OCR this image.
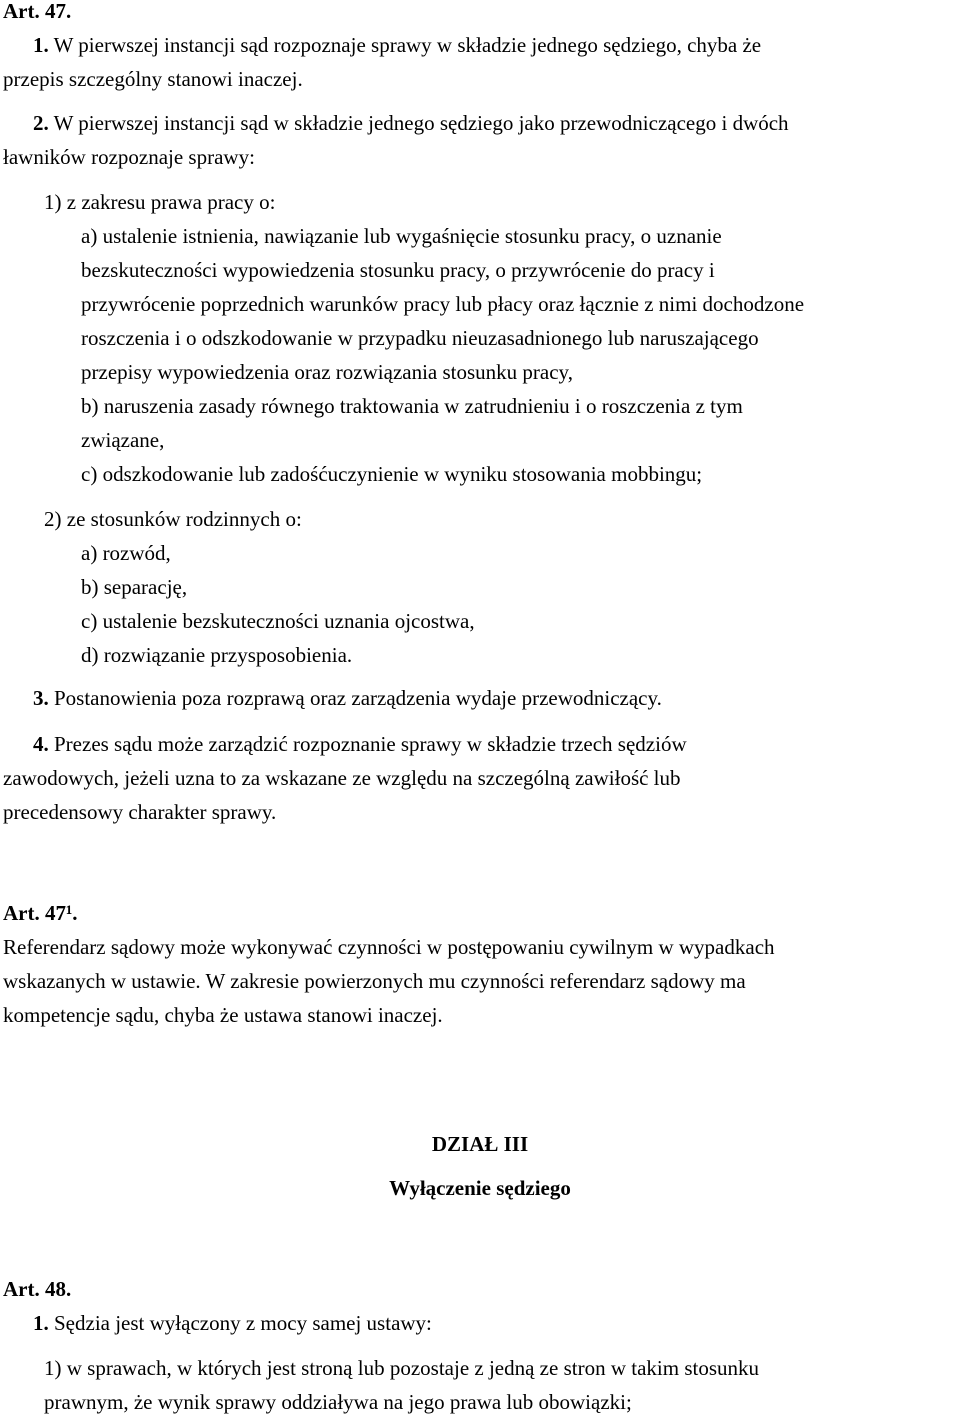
Art. 47.
1. W pierwszej instancji sąd rozpoznaje sprawy w składzie jednego sędziego, chyba że
przepis szczególny stanowi inaczej.
2. W pierwszej instancji sąd w składzie jednego sędziego jako przewodniczącego i dwóch
ławników rozpoznaje sprawy:
1) z zakresu prawa pracy o:
a) ustalenie istnienia, nawiązanie lub wygaśnięcie stosunku pracy, o uznanie
bezskuteczności wypowiedzenia stosunku pracy, o przywrócenie do pracy i
przywrócenie poprzednich warunków pracy lub płacy oraz łącznie z nimi dochodzone
roszczenia i o odszkodowanie w przypadku nieuzasadnionego lub naruszającego
przepisy wypowiedzenia oraz rozwiązania stosunku pracy,
b) naruszenia zasady równego traktowania w zatrudnieniu i o roszczenia z tym
związane,
c) odszkodowanie lub zadośćuczynienie w wyniku stosowania mobbingu;
2) ze stosunków rodzinnych o:
a) rozwód,
b) separację,
c) ustalenie bezskuteczności uznania ojcostwa,
d) rozwiązanie przysposobienia.
3. Postanowienia poza rozprawą oraz zarządzenia wydaje przewodniczący.
4. Prezes sądu może zarządzić rozpoznanie sprawy w składzie trzech sędziów
zawodowych, jeżeli uzna to za wskazane ze względu na szczególną zawiłość lub
precedensowy charakter sprawy.
Art. 47¹.
Referendarz sądowy może wykonywać czynności w postępowaniu cywilnym w wypadkach
wskazanych w ustawie. W zakresie powierzonych mu czynności referendarz sądowy ma
kompetencje sądu, chyba że ustawa stanowi inaczej.
DZIAŁ III
Wyłączenie sędziego
Art. 48.
1. Sędzia jest wyłączony z mocy samej ustawy:
1) w sprawach, w których jest stroną lub pozostaje z jedną ze stron w takim stosunku
prawnym, że wynik sprawy oddziaływa na jego prawa lub obowiązki;
